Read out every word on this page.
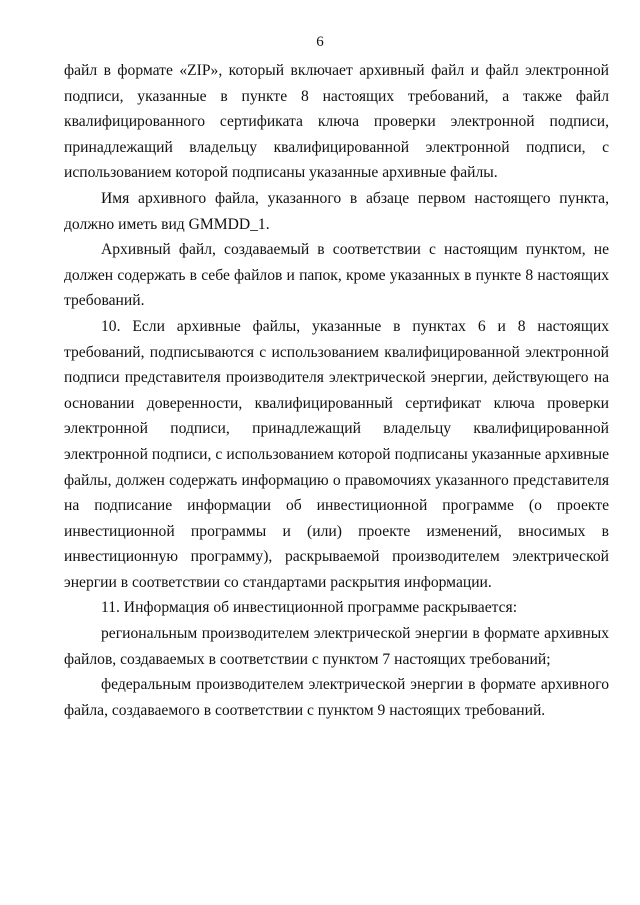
6

файл в формате «ZIP», который включает архивный файл и файл электронной подписи, указанные в пункте 8 настоящих требований, а также файл квалифицированного сертификата ключа проверки электронной подписи, принадлежащий владельцу квалифицированной электронной подписи, с использованием которой подписаны указанные архивные файлы.

Имя архивного файла, указанного в абзаце первом настоящего пункта, должно иметь вид GMMDD_1.

Архивный файл, создаваемый в соответствии с настоящим пунктом, не должен содержать в себе файлов и папок, кроме указанных в пункте 8 настоящих требований.

10. Если архивные файлы, указанные в пунктах 6 и 8 настоящих требований, подписываются с использованием квалифицированной электронной подписи представителя производителя электрической энергии, действующего на основании доверенности, квалифицированный сертификат ключа проверки электронной подписи, принадлежащий владельцу квалифицированной электронной подписи, с использованием которой подписаны указанные архивные файлы, должен содержать информацию о правомочиях указанного представителя на подписание информации об инвестиционной программе (о проекте инвестиционной программы и (или) проекте изменений, вносимых в инвестиционную программу), раскрываемой производителем электрической энергии в соответствии со стандартами раскрытия информации.

11. Информация об инвестиционной программе раскрывается:

региональным производителем электрической энергии в формате архивных файлов, создаваемых в соответствии с пунктом 7 настоящих требований;

федеральным производителем электрической энергии в формате архивного файла, создаваемого в соответствии с пунктом 9 настоящих требований.
